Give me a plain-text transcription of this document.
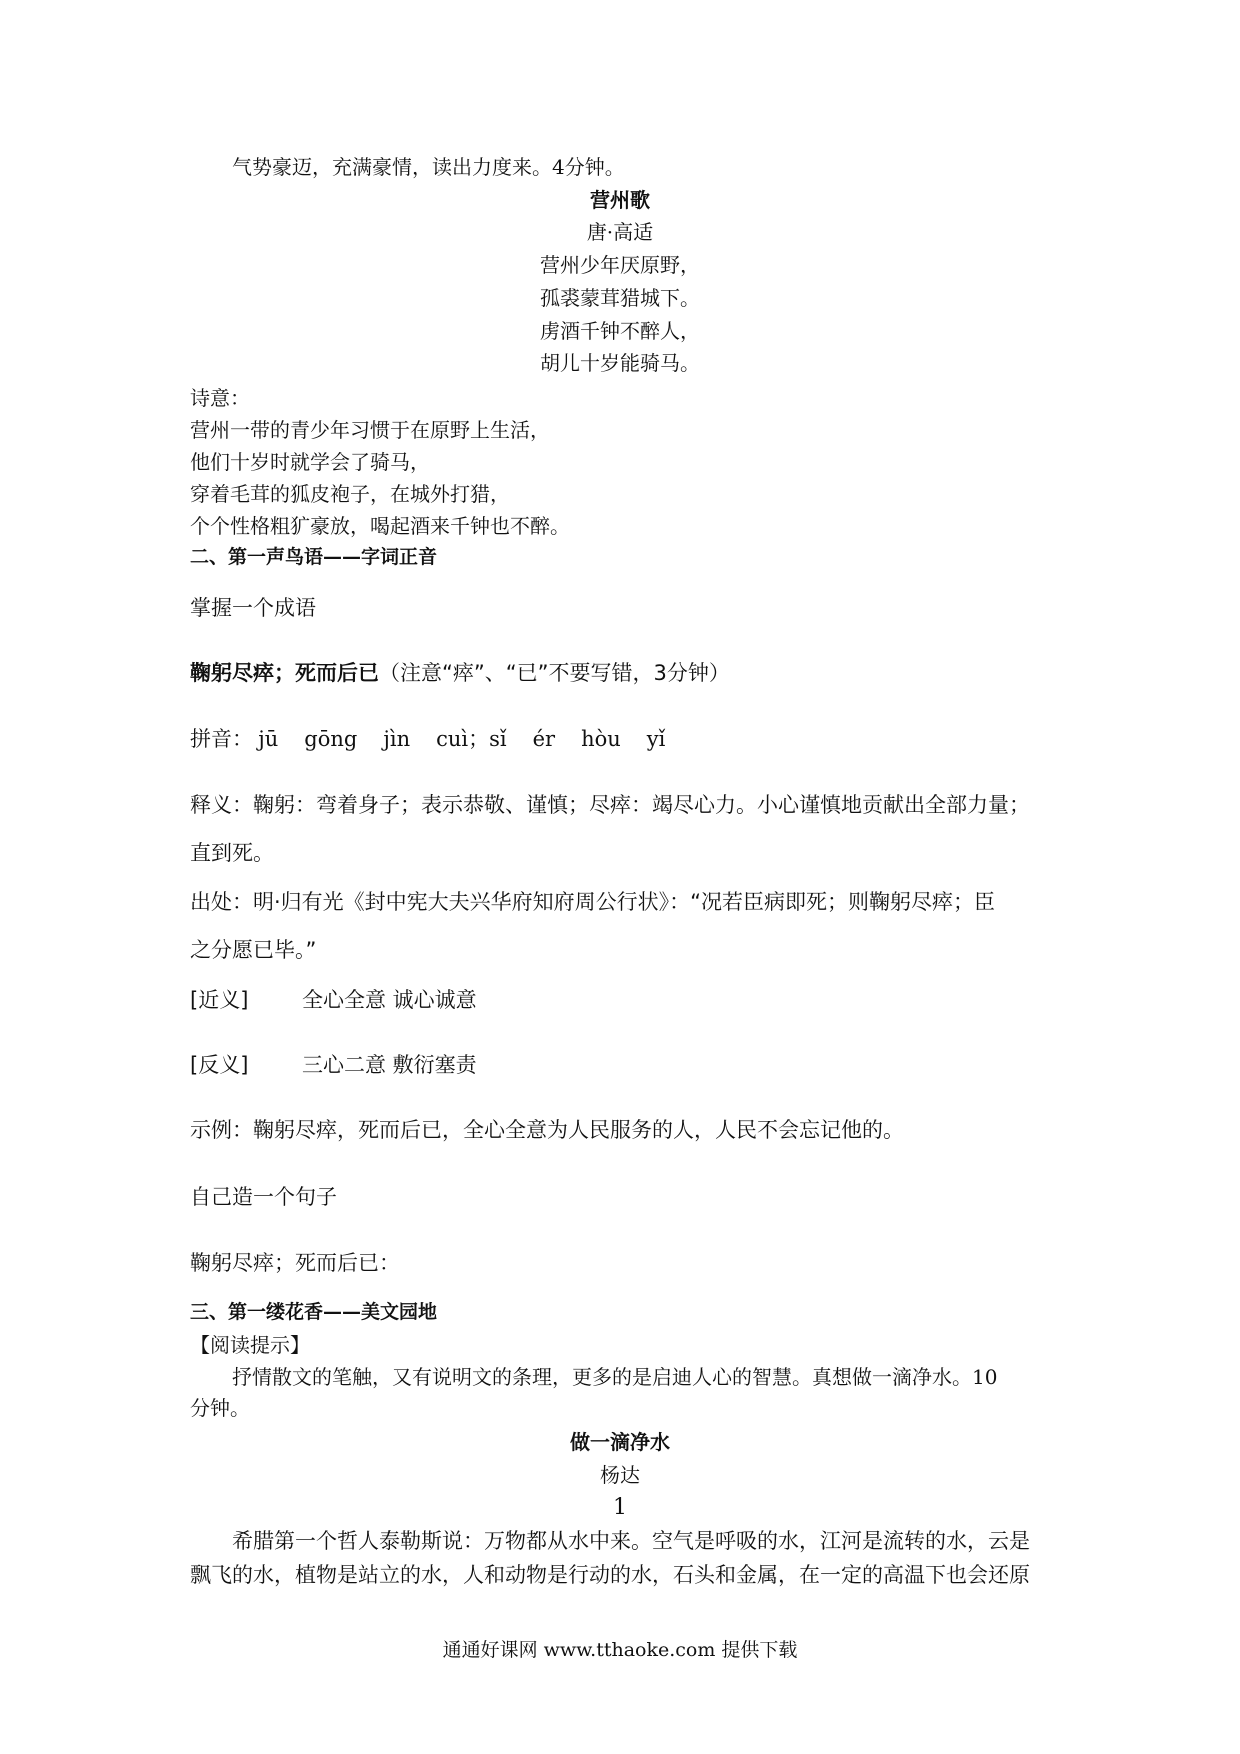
气势豪迈，充满豪情，读出力度来。4分钟。
营州歌
唐·高适
营州少年厌原野，
孤裘蒙茸猎城下。
虏酒千钟不醉人，
胡儿十岁能骑马。
诗意：
营州一带的青少年习惯于在原野上生活，
他们十岁时就学会了骑马，
穿着毛茸的狐皮袍子，在城外打猎，
个个性格粗犷豪放，喝起酒来千钟也不醉。
二、第一声鸟语——字词正音
掌握一个成语
鞠躬尽瘁；死而后已（注意“瘁”、“已”不要写错，3分钟）
拼音： jū gōng jìn cuì；sǐ ér hòu yǐ
释义：鞠躬：弯着身子；表示恭敬、谨慎；尽瘁：竭尽心力。小心谨慎地贡献出全部力量；
直到死。
出处：明·归有光《封中宪大夫兴华府知府周公行状》：“况若臣病即死；则鞠躬尽瘁；臣
之分愿已毕。”
[近义]	全心全意 诚心诚意
[反义]	三心二意 敷衍塞责
示例：鞠躬尽瘁，死而后已，全心全意为人民服务的人，人民不会忘记他的。
自己造一个句子
鞠躬尽瘁；死而后已：
三、第一缕花香——美文园地
【阅读提示】
抒情散文的笔触，又有说明文的条理，更多的是启迪人心的智慧。真想做一滴净水。10
分钟。
做一滴净水
杨达
1
希腊第一个哲人泰勒斯说：万物都从水中来。空气是呼吸的水，江河是流转的水，云是
飘飞的水，植物是站立的水，人和动物是行动的水，石头和金属，在一定的高温下也会还原
通通好课网 www.tthaoke.com 提供下载
